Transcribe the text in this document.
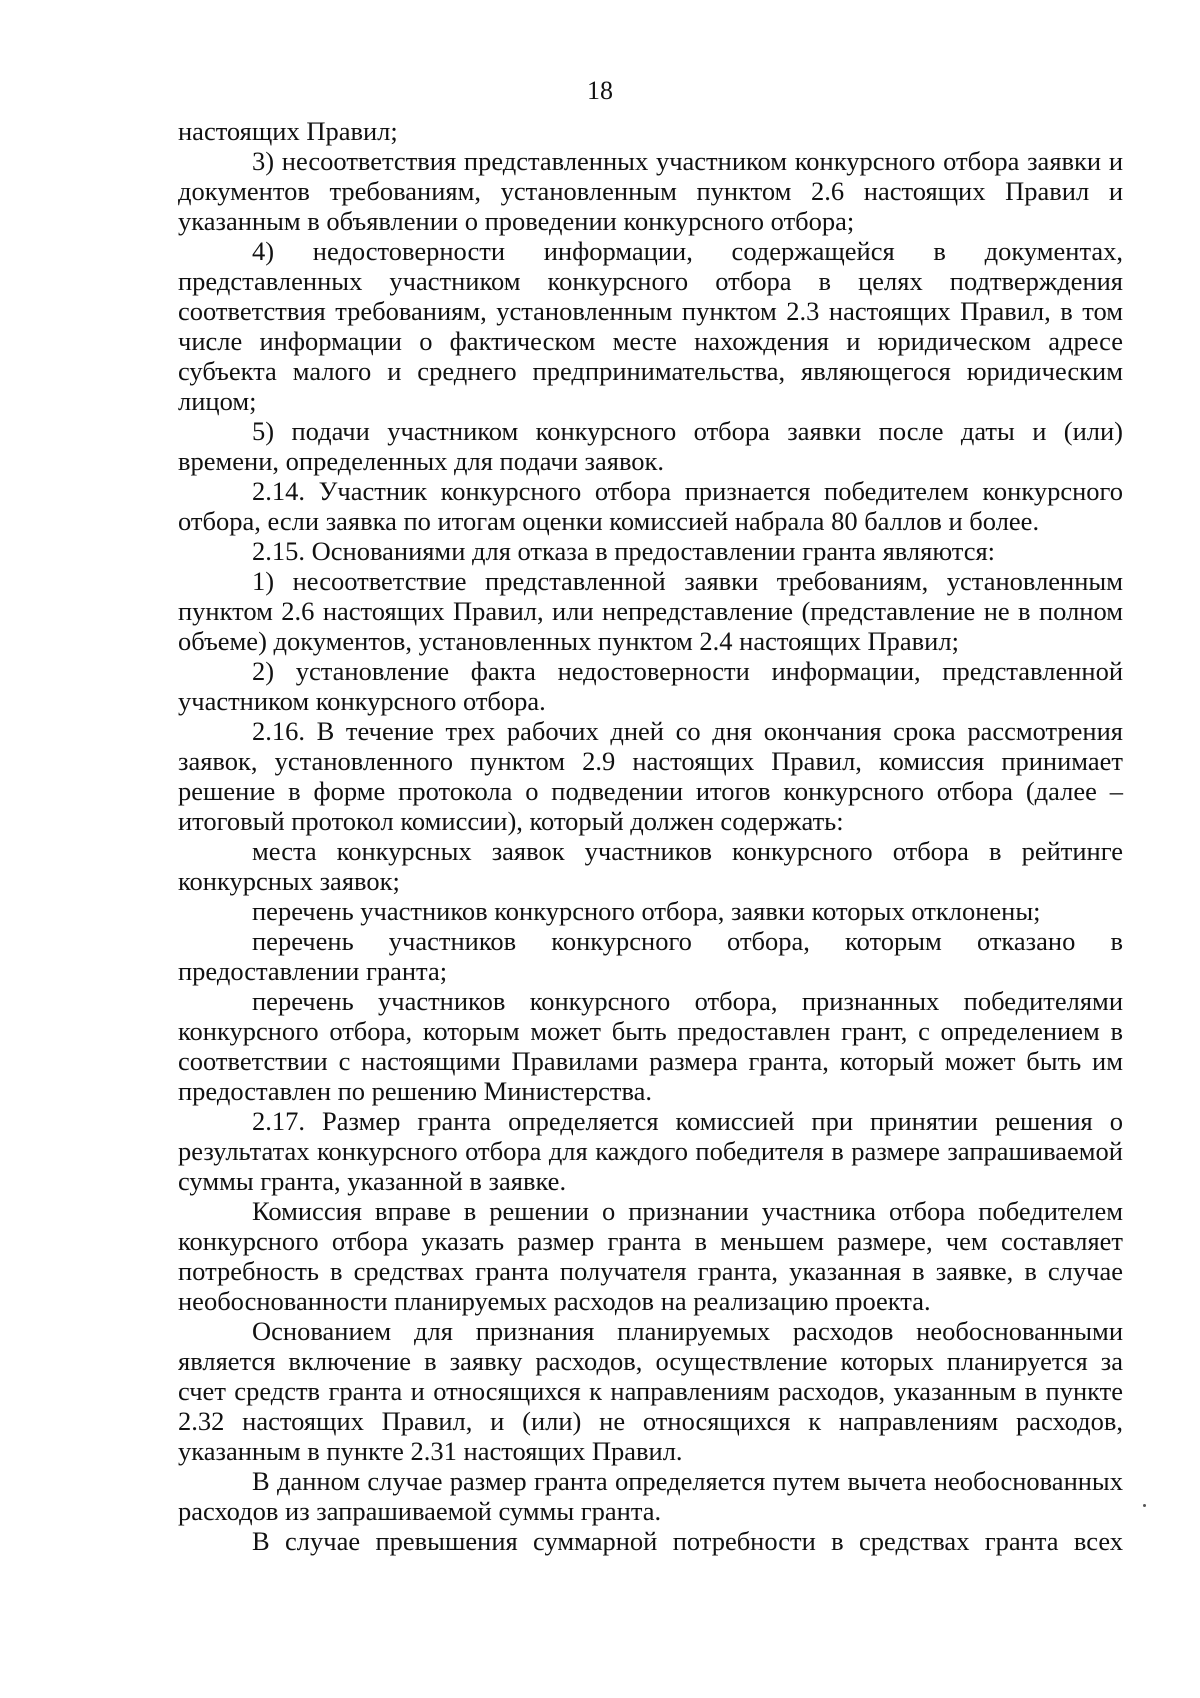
18

настоящих Правил;

3) несоответствия представленных участником конкурсного отбора заявки и документов требованиям, установленным пунктом 2.6 настоящих Правил и указанным в объявлении о проведении конкурсного отбора;

4) недостоверности информации, содержащейся в документах, представленных участником конкурсного отбора в целях подтверждения соответствия требованиям, установленным пунктом 2.3 настоящих Правил, в том числе информации о фактическом месте нахождения и юридическом адресе субъекта малого и среднего предпринимательства, являющегося юридическим лицом;

5) подачи участником конкурсного отбора заявки после даты и (или) времени, определенных для подачи заявок.

2.14. Участник конкурсного отбора признается победителем конкурсного отбора, если заявка по итогам оценки комиссией набрала 80 баллов и более.

2.15. Основаниями для отказа в предоставлении гранта являются:

1) несоответствие представленной заявки требованиям, установленным пунктом 2.6 настоящих Правил, или непредставление (представление не в полном объеме) документов, установленных пунктом 2.4 настоящих Правил;

2) установление факта недостоверности информации, представленной участником конкурсного отбора.

2.16. В течение трех рабочих дней со дня окончания срока рассмотрения заявок, установленного пунктом 2.9 настоящих Правил, комиссия принимает решение в форме протокола о подведении итогов конкурсного отбора (далее – итоговый протокол комиссии), который должен содержать:

места конкурсных заявок участников конкурсного отбора в рейтинге конкурсных заявок;

перечень участников конкурсного отбора, заявки которых отклонены;

перечень участников конкурсного отбора, которым отказано в предоставлении гранта;

перечень участников конкурсного отбора, признанных победителями конкурсного отбора, которым может быть предоставлен грант, с определением в соответствии с настоящими Правилами размера гранта, который может быть им предоставлен по решению Министерства.

2.17. Размер гранта определяется комиссией при принятии решения о результатах конкурсного отбора для каждого победителя в размере запрашиваемой суммы гранта, указанной в заявке.

Комиссия вправе в решении о признании участника отбора победителем конкурсного отбора указать размер гранта в меньшем размере, чем составляет потребность в средствах гранта получателя гранта, указанная в заявке, в случае необоснованности планируемых расходов на реализацию проекта.

Основанием для признания планируемых расходов необоснованными является включение в заявку расходов, осуществление которых планируется за счет средств гранта и относящихся к направлениям расходов, указанным в пункте 2.32 настоящих Правил, и (или) не относящихся к направлениям расходов, указанным в пункте 2.31 настоящих Правил.

В данном случае размер гранта определяется путем вычета необоснованных расходов из запрашиваемой суммы гранта.

В случае превышения суммарной потребности в средствах гранта всех
